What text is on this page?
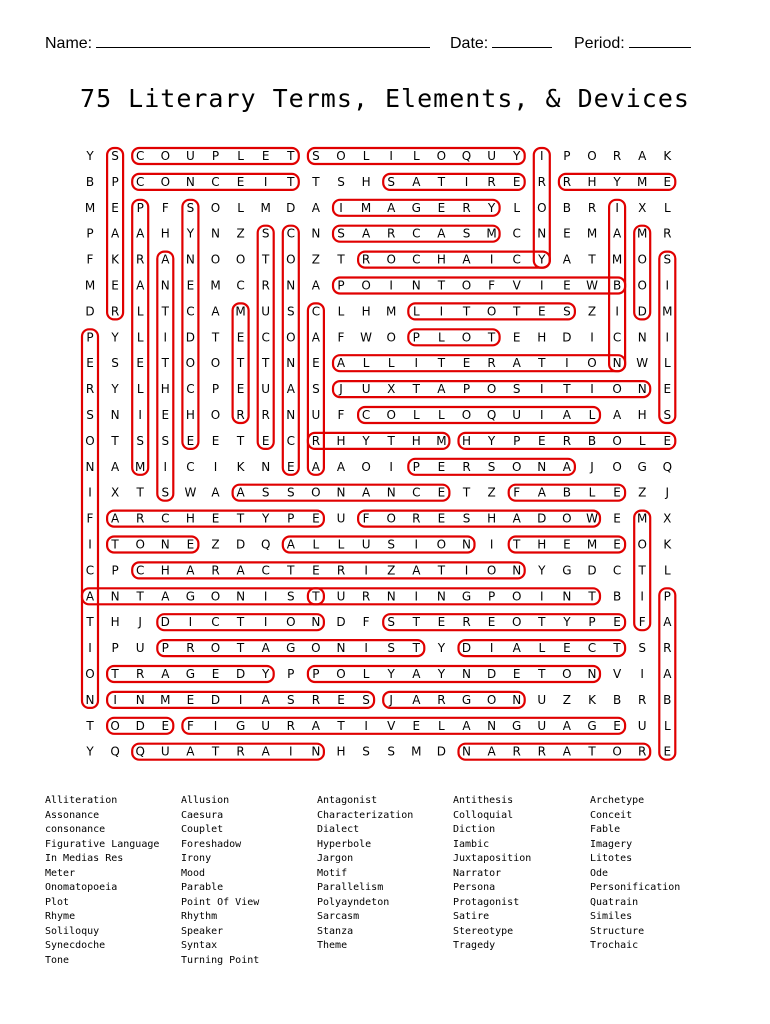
Name:	Date:	Period:
75 Literary Terms, Elements, & Devices
Y S C O U P L E T S O L I L O Q U Y I P O R A K
B P C O N C E I T T S H S A T I R E R R H Y M E
M E P F S O L M D A I M A G E R Y L O B R I X L
P A A H Y N Z S C N S A R C A S M C N E M A M R
F K R A N O O T O Z T R O C H A I C Y A T M O S
M E A N E M C R N A P O I N T O F V I E W B O I
D R L T C A M U S C L H M L I T O T E S Z I D M
P Y L I D T E C O A F W O P L O T E H D I C N I
E S E T O O T T N E A L L I T E R A T I O N W L
R Y L H C P E U A S J U X T A P O S I T I O N E
S N I E H O R R N U F C O L L O Q U I A L A H S
O T S S E E T E C R H Y T H M H Y P E R B O L E
N A M I C I K N E A A O I P E R S O N A J O G Q
I X T S W A A S S O N A N C E T Z F A B L E Z J
F A R C H E T Y P E U F O R E S H A D O W E M X
I T O N E Z D Q A L L U S I O N I T H E M E O K
C P C H A R A C T E R I Z A T I O N Y G D C T L
A N T A G O N I S T U R N I N G P O I N T B I P
T H J D I C T I O N D F S T E R E O T Y P E F A
I P U P R O T A G O N I S T Y D I A L E C T S R
O T R A G E D Y P P O L Y A Y N D E T O N V I A
N I N M E D I A S R E S J A R G O N U Z K B R B
T O D E F I G U R A T I V E L A N G U A G E U L
Y Q Q U A T R A I N H S S M D N A R R A T O R E
Alliteration
Assonance
consonance
Figurative Language
In Medias Res
Meter
Onomatopoeia
Plot
Rhyme
Soliloquy
Synecdoche
Tone
Allusion
Caesura
Couplet
Foreshadow
Irony
Mood
Parable
Point Of View
Rhythm
Speaker
Syntax
Turning Point
Antagonist
Characterization
Dialect
Hyperbole
Jargon
Motif
Parallelism
Polyayndeton
Sarcasm
Stanza
Theme
Antithesis
Colloquial
Diction
Iambic
Juxtaposition
Narrator
Persona
Protagonist
Satire
Stereotype
Tragedy
Archetype
Conceit
Fable
Imagery
Litotes
Ode
Personification
Quatrain
Similes
Structure
Trochaic
